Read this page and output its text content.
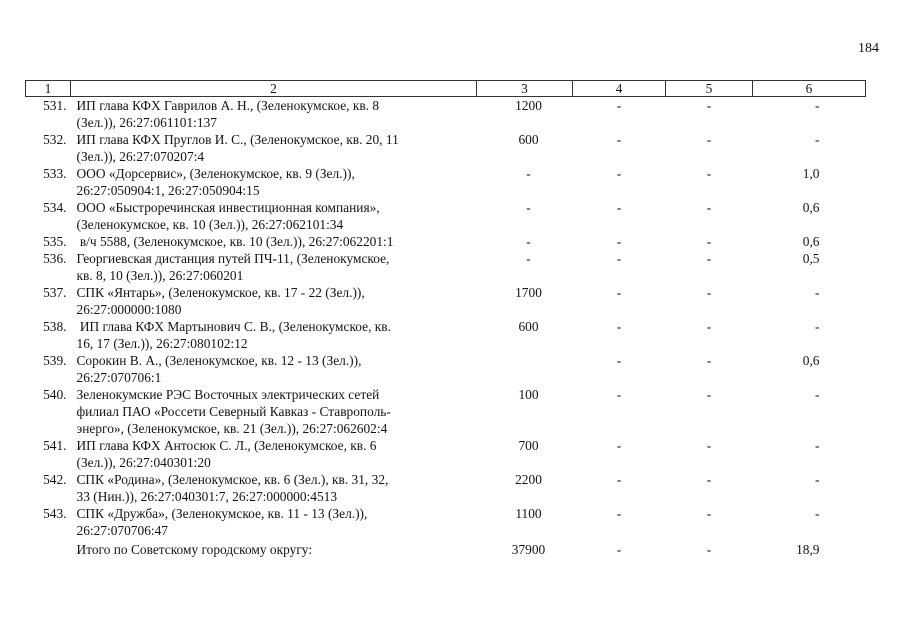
184
1	2	3	4	5	6
531.	ИП глава КФХ Гаврилов А. Н., (Зеленокумское, кв. 8
(Зел.)), 26:27:061101:137	1200	-	-	-
532.	ИП глава КФХ Пруглов И. С., (Зеленокумское, кв. 20, 11
(Зел.)), 26:27:070207:4	600	-	-	-
533.	ООО «Дорсервис», (Зеленокумское, кв. 9 (Зел.)),
26:27:050904:1, 26:27:050904:15	-	-	-	1,0
534.	ООО «Быстроречинская инвестиционная компания»,
(Зеленокумское, кв. 10 (Зел.)), 26:27:062101:34	-	-	-	0,6
535.	в/ч 5588, (Зеленокумское, кв. 10 (Зел.)), 26:27:062201:1	-	-	-	0,6
536.	Георгиевская дистанция путей ПЧ-11, (Зеленокумское,
кв. 8, 10 (Зел.)), 26:27:060201	-	-	-	0,5
537.	СПК «Янтарь», (Зеленокумское, кв. 17 - 22 (Зел.)),
26:27:000000:1080	1700	-	-	-
538.	ИП глава КФХ Мартынович С. В., (Зеленокумское, кв.
16, 17 (Зел.)), 26:27:080102:12	600	-	-	-
539.	Сорокин В. А., (Зеленокумское, кв. 12 - 13 (Зел.)),
26:27:070706:1		-	-	0,6
540.	Зеленокумские РЭС Восточных электрических сетей
филиал ПАО «Россети Северный Кавказ - Ставрополь-
энерго», (Зеленокумское, кв. 21 (Зел.)), 26:27:062602:4	100	-	-	-
541.	ИП глава КФХ Антосюк С. Л., (Зеленокумское, кв. 6
(Зел.)), 26:27:040301:20	700	-	-	-
542.	СПК «Родина», (Зеленокумское, кв. 6 (Зел.), кв. 31, 32,
33 (Нин.)), 26:27:040301:7, 26:27:000000:4513	2200	-	-	-
543.	СПК «Дружба», (Зеленокумское, кв. 11 - 13 (Зел.)),
26:27:070706:47	1100	-	-	-
	Итого по Советскому городскому округу:	37900	-	-	18,9
